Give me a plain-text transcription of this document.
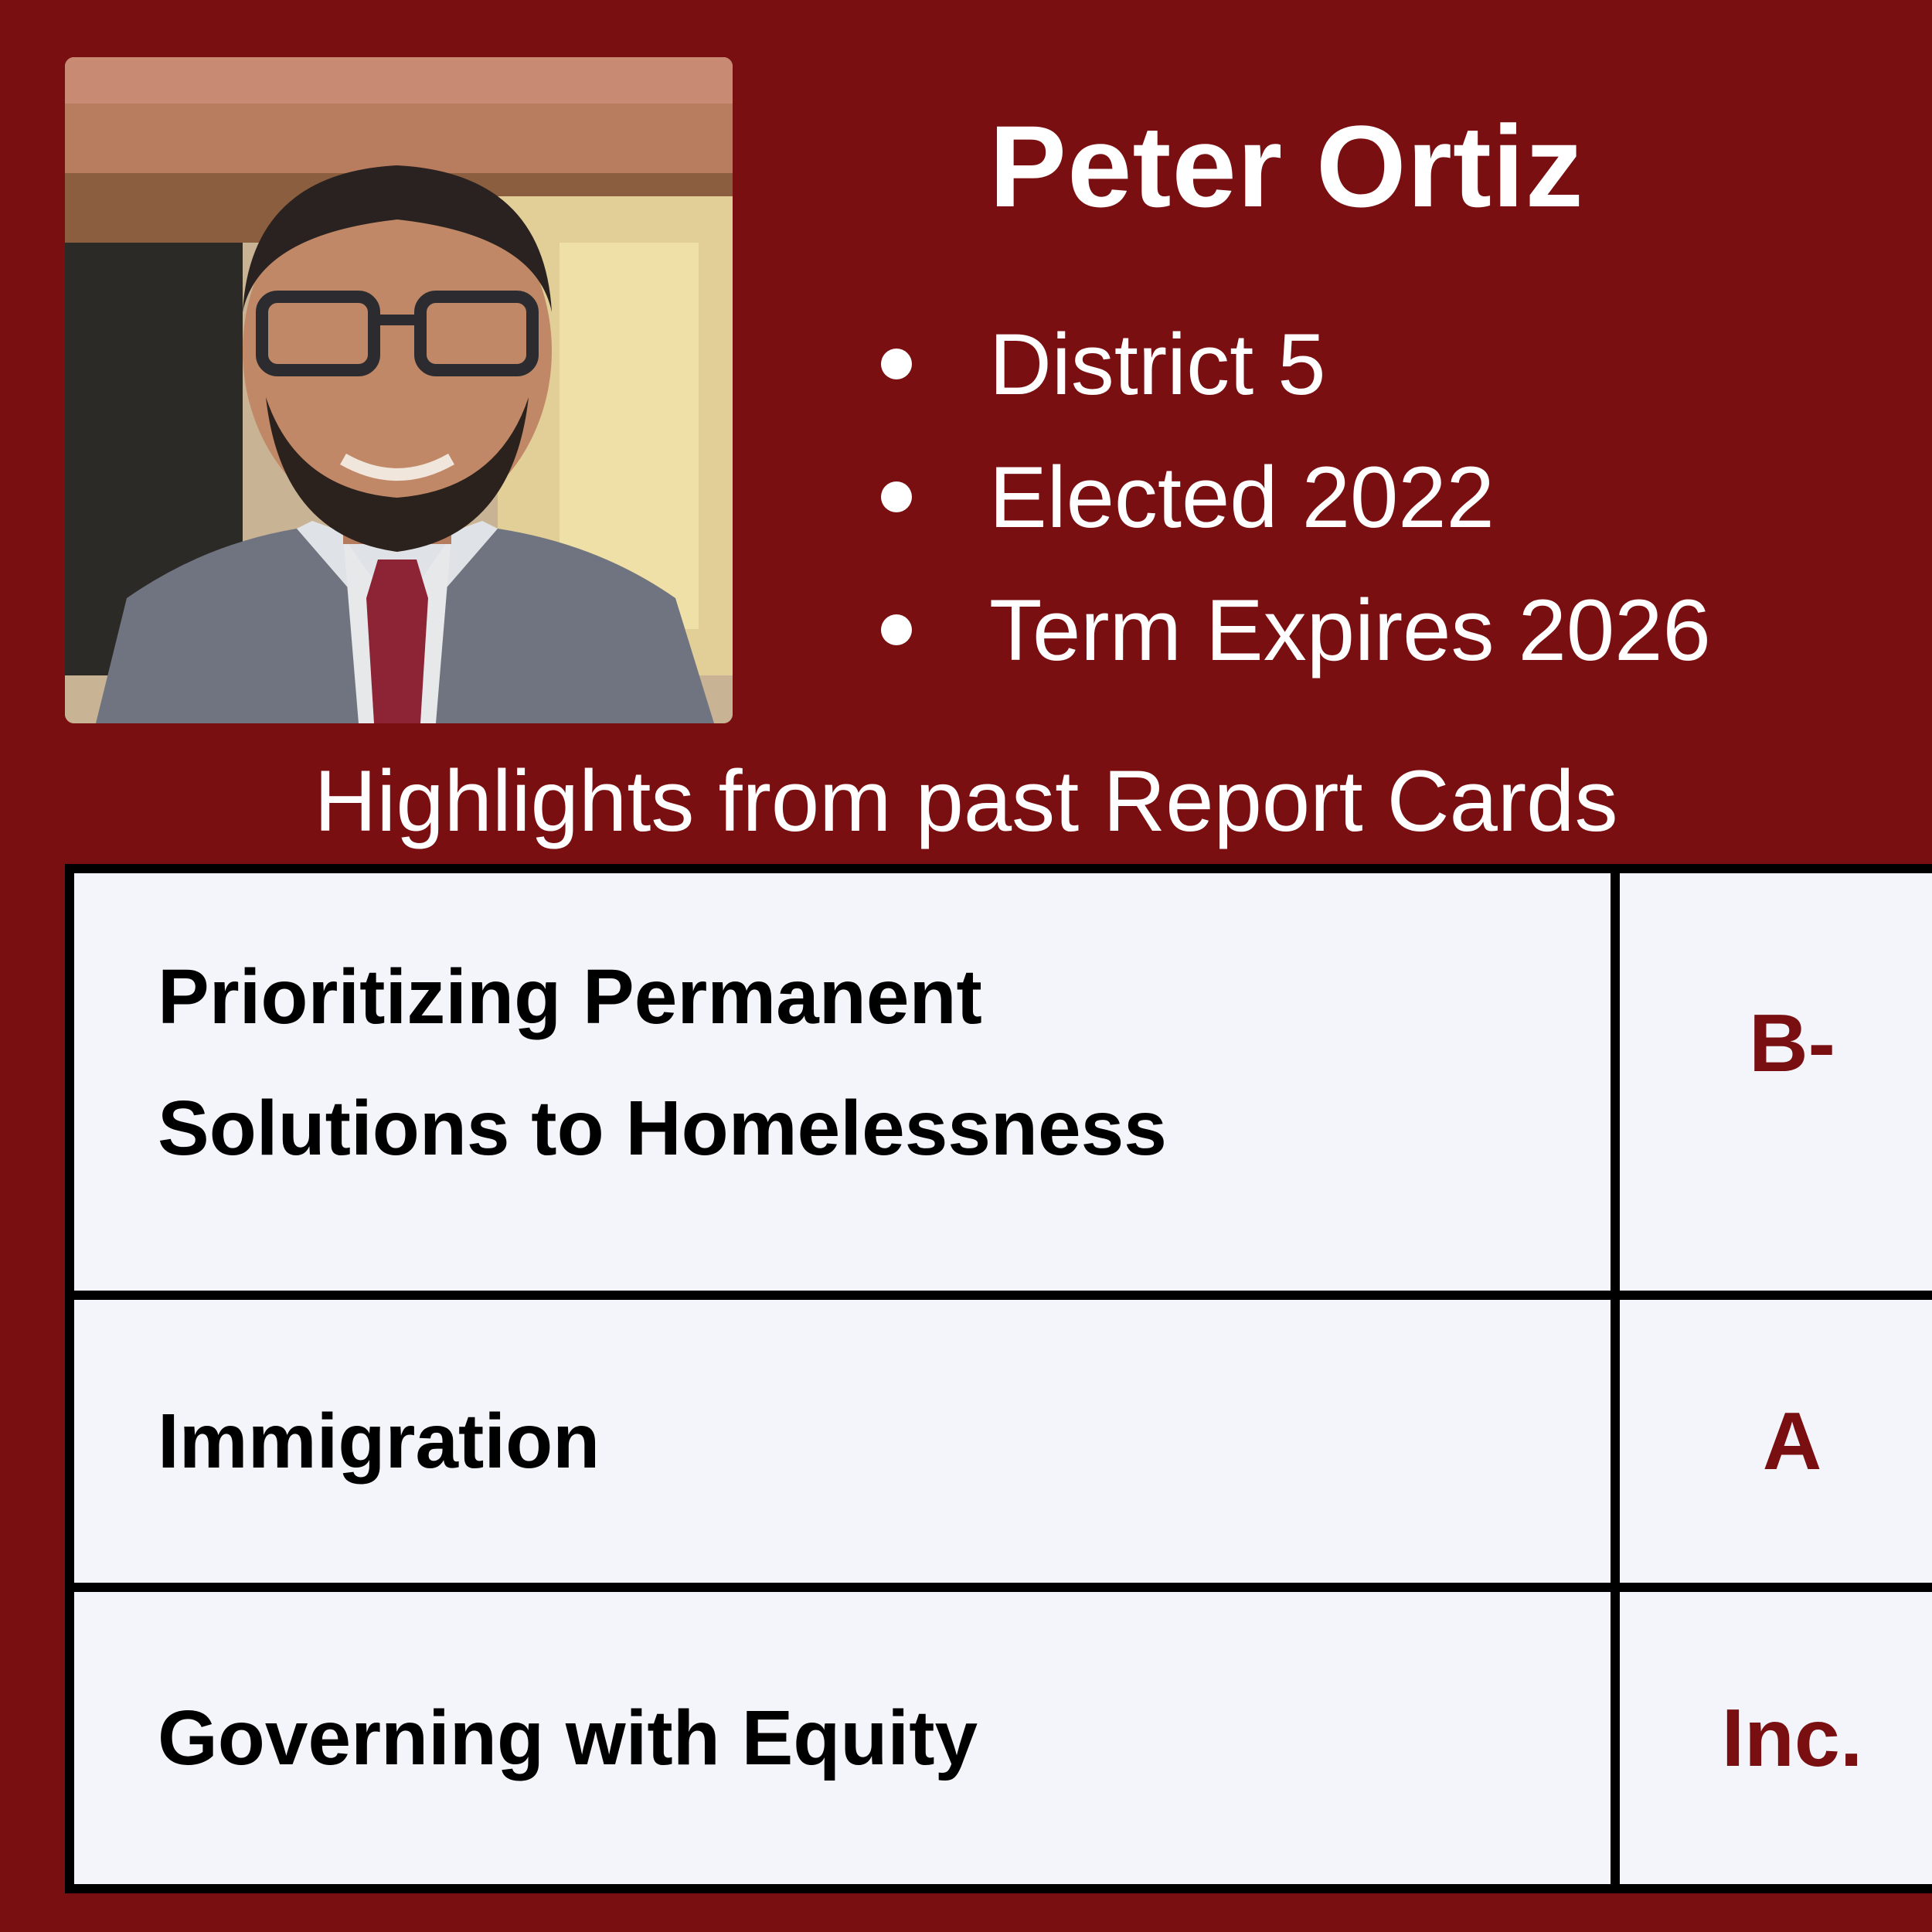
Peter Ortiz
District 5
Elected 2022
Term Expires 2026
Highlights from past Report Cards
Prioritizing Permanent
Solutions to Homelessness	B-
Immigration	A
Governing with Equity	Inc.
